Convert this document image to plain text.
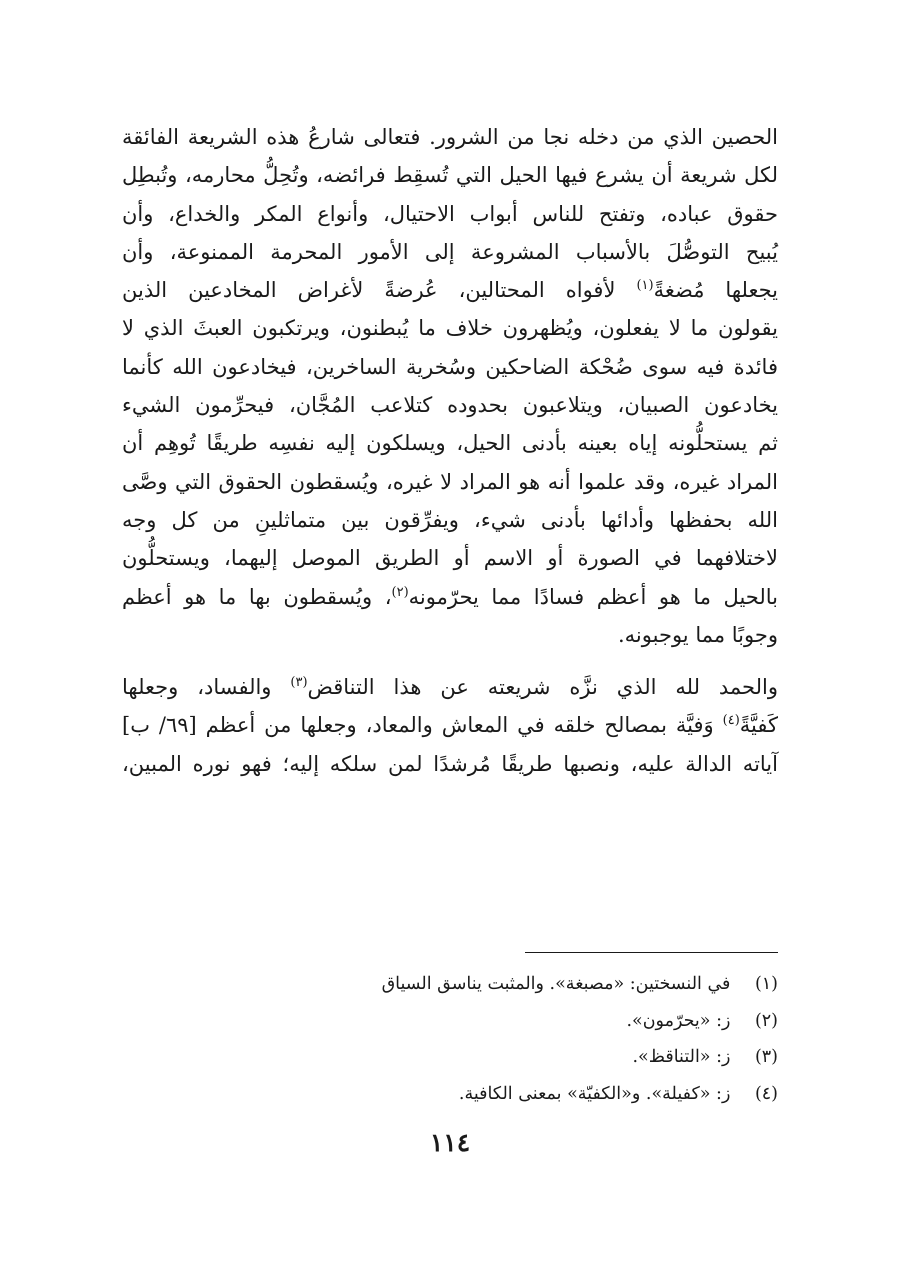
الحصين الذي من دخله نجا من الشرور. فتعالى شارعُ هذه الشريعة الفائقة
لكل شريعة أن يشرع فيها الحيل التي تُسقِط فرائضه، وتُحِلُّ محارمه، وتُبطِل
حقوق عباده، وتفتح للناس أبواب الاحتيال، وأنواع المكر والخداع، وأن
يُبيح التوصُّلَ بالأسباب المشروعة إلى الأمور المحرمة الممنوعة، وأن
يجعلها مُضغةً$^{(١)}$ لأفواه المحتالين، عُرضةً لأغراض المخادعين الذين
يقولون ما لا يفعلون، ويُظهرون خلاف ما يُبطنون، ويرتكبون العبثَ الذي لا
فائدة فيه سوى ضُحْكة الضاحكين وسُخرية الساخرين، فيخادعون الله كأنما
يخادعون الصبيان، ويتلاعبون بحدوده كتلاعب المُجَّان، فيحرِّمون الشيء
ثم يستحلُّونه إياه بعينه بأدنى الحيل، ويسلكون إليه نفسِه طريقًا تُوهِم أن
المراد غيره، وقد علموا أنه هو المراد لا غيره، ويُسقطون الحقوق التي وصَّى
الله بحفظها وأدائها بأدنى شيء، ويفرِّقون بين متماثلينِ من كل وجه
لاختلافهما في الصورة أو الاسم أو الطريق الموصل إليهما، ويستحلُّون
بالحيل ما هو أعظم فسادًا مما يحرّمونه$^{(٢)}$، ويُسقطون بها ما هو أعظم
وجوبًا مما يوجبونه.
والحمد لله الذي نزَّه شريعته عن هذا التناقض$^{(٣)}$ والفساد، وجعلها
كَفيَّةً$^{(٤)}$ وَفيَّة بمصالح خلقه في المعاش والمعاد، وجعلها من أعظم [٦٩/ ب]
آياته الدالة عليه، ونصبها طريقًا مُرشدًا لمن سلكه إليه؛ فهو نوره المبين،
(١) في النسختين: «مصبغة». والمثبت يناسق السياق
(٢) ز: «يحرّمون».
(٣) ز: «التناقظ».
(٤) ز: «كفيلة». و«الكفيّة» بمعنى الكافية.
١١٤
